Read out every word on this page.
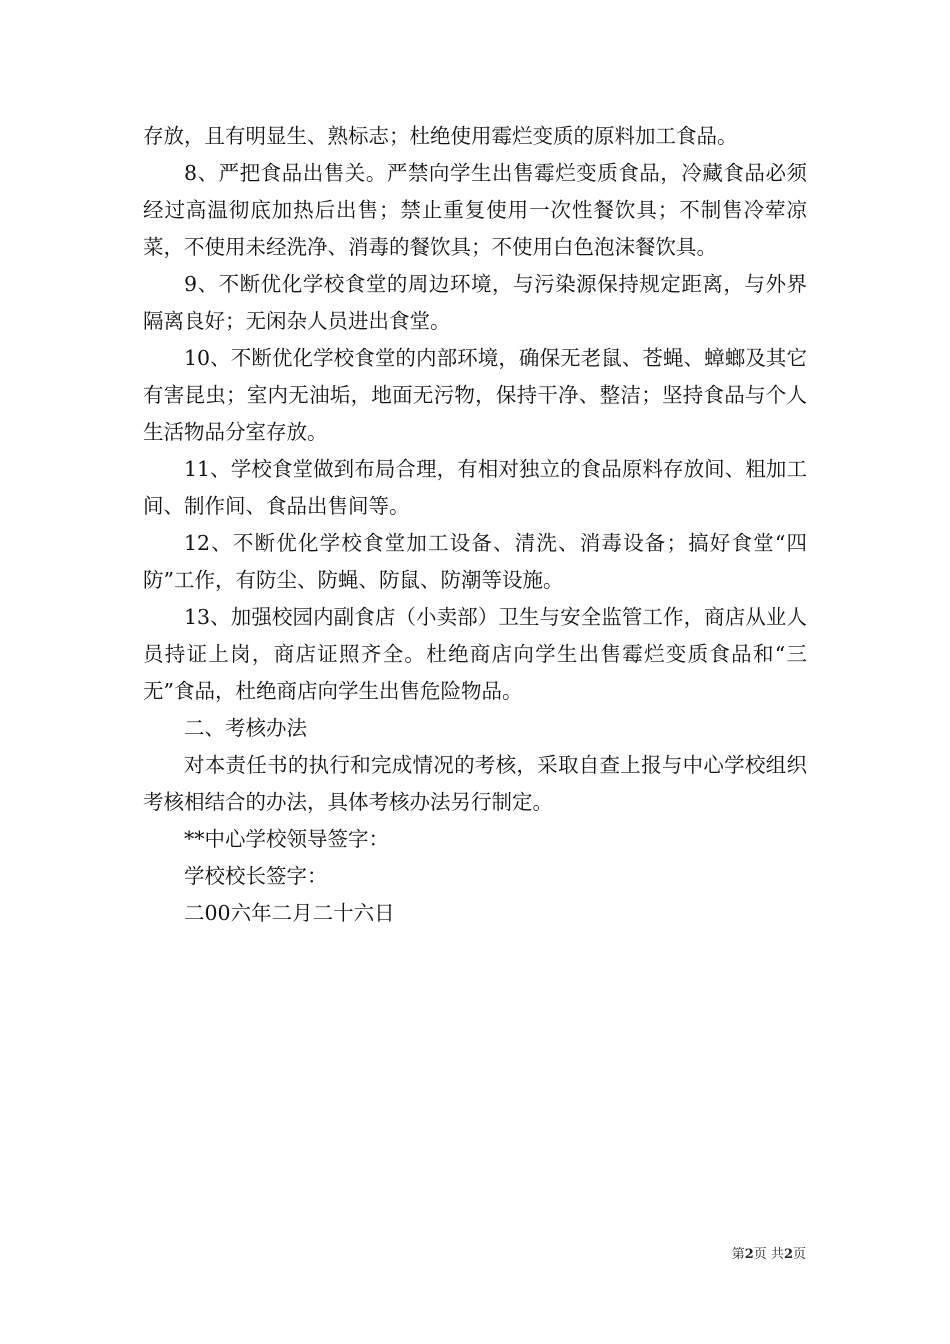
存放，且有明显生、熟标志；杜绝使用霉烂变质的原料加工食品。

8、严把食品出售关。严禁向学生出售霉烂变质食品，冷藏食品必须经过高温彻底加热后出售；禁止重复使用一次性餐饮具；不制售冷荤凉菜，不使用未经洗净、消毒的餐饮具；不使用白色泡沫餐饮具。

9、不断优化学校食堂的周边环境，与污染源保持规定距离，与外界隔离良好；无闲杂人员进出食堂。

10、不断优化学校食堂的内部环境，确保无老鼠、苍蝇、蟑螂及其它有害昆虫；室内无油垢，地面无污物，保持干净、整洁；坚持食品与个人生活物品分室存放。

11、学校食堂做到布局合理，有相对独立的食品原料存放间、粗加工间、制作间、食品出售间等。

12、不断优化学校食堂加工设备、清洗、消毒设备；搞好食堂“四防”工作，有防尘、防蝇、防鼠、防潮等设施。

13、加强校园内副食店（小卖部）卫生与安全监管工作，商店从业人员持证上岗，商店证照齐全。杜绝商店向学生出售霉烂变质食品和“三无”食品，杜绝商店向学生出售危险物品。

二、考核办法

对本责任书的执行和完成情况的考核，采取自查上报与中心学校组织考核相结合的办法，具体考核办法另行制定。

**中心学校领导签字：

学校校长签字：

二00六年二月二十六日

第2页 共2页
